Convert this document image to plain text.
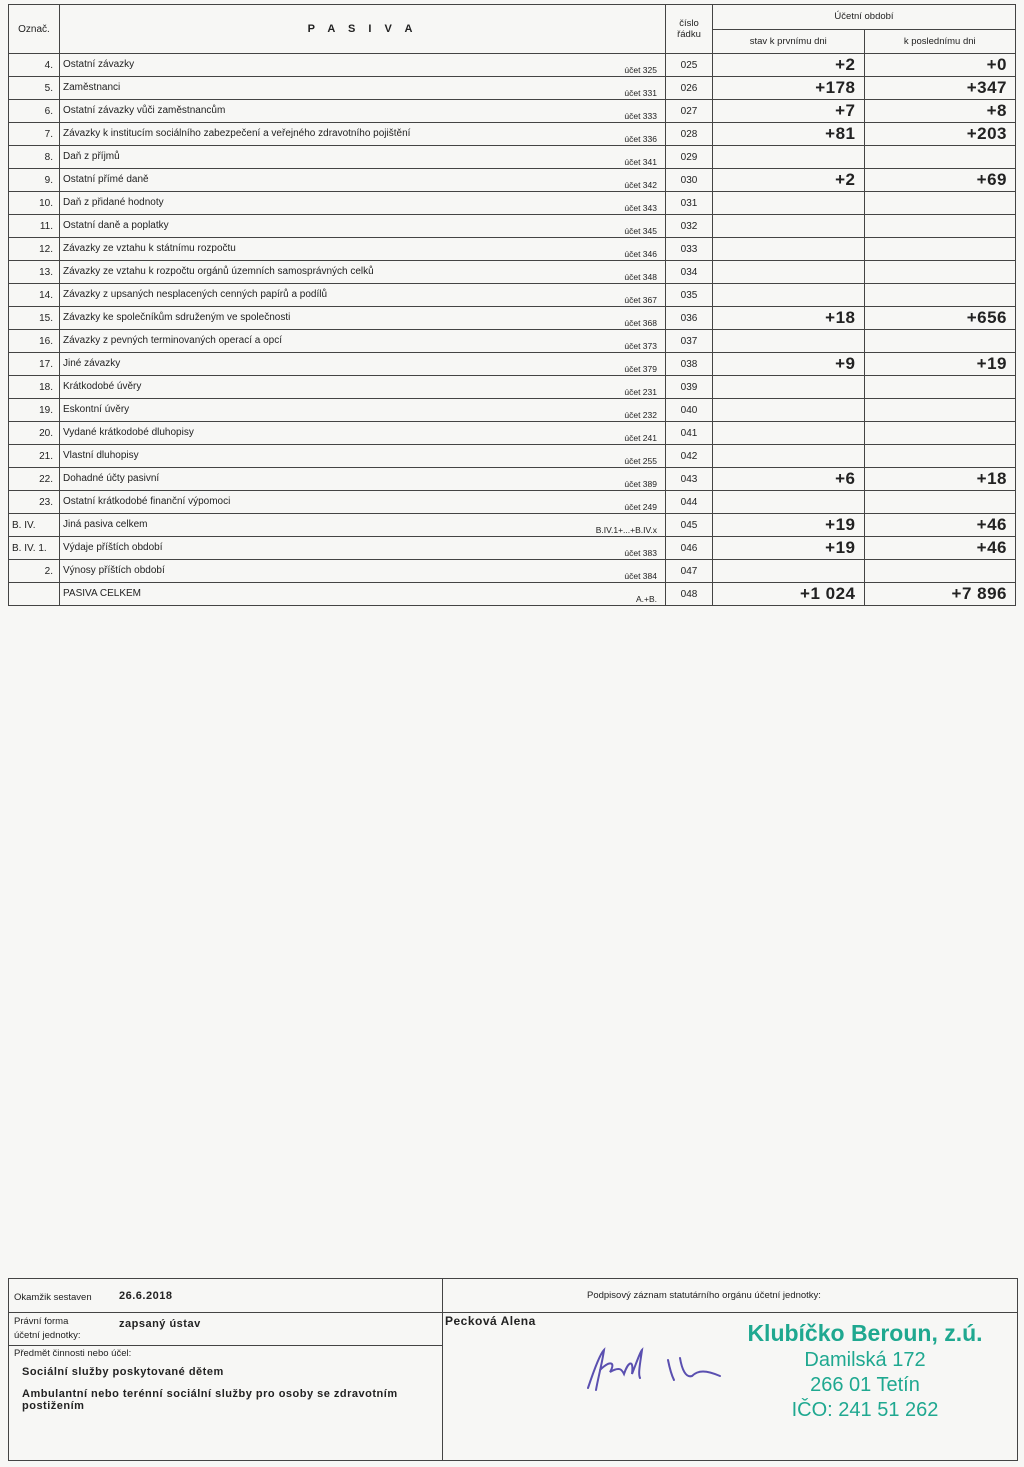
Označ.	P A S I V A	číslo
řádku	Účetní období	
			stav k prvnímu dni	k poslednímu dni
4.	Ostatní závazky účet 325	025	+2	+0
5.	Zaměstnanci účet 331	026	+178	+347
6.	Ostatní závazky vůči zaměstnancům účet 333	027	+7	+8
7.	Závazky k institucím sociálního zabezpečení a veřejného zdravotního pojištění účet 336	028	+81	+203
8.	Daň z příjmů účet 341	029		
9.	Ostatní přímé daně účet 342	030	+2	+69
10.	Daň z přidané hodnoty účet 343	031		
11.	Ostatní daně a poplatky účet 345	032		
12.	Závazky ze vztahu k státnímu rozpočtu účet 346	033		
13.	Závazky ze vztahu k rozpočtu orgánů územních samosprávných celků účet 348	034		
14.	Závazky z upsaných nesplacených cenných papírů a podílů účet 367	035		
15.	Závazky ke společníkům sdruženým ve společnosti účet 368	036	+18	+656
16.	Závazky z pevných terminovaných operací a opcí účet 373	037		
17.	Jiné závazky účet 379	038	+9	+19
18.	Krátkodobé úvěry účet 231	039		
19.	Eskontní úvěry účet 232	040		
20.	Vydané krátkodobé dluhopisy účet 241	041		
21.	Vlastní dluhopisy účet 255	042		
22.	Dohadné účty pasivní účet 389	043	+6	+18
23.	Ostatní krátkodobé finanční výpomoci účet 249	044		
B. IV.	Jiná pasiva celkem B.IV.1+...+B.IV.x	045	+19	+46
B. IV. 1.	Výdaje příštích období účet 383	046	+19	+46
2.	Výnosy příštích období účet 384	047		

	PASIVA CELKEM A.+B.	048	+1 024	+7 896
Okamžik sestaven 26.6.2018	Podpisový záznam statutárního orgánu účetní jednotky:
Právní forma
účetní jednotky:
zapsaný ústav
Předmět činnosti nebo účel:
Sociální služby poskytované dětem
Ambulantní nebo terénní sociální služby pro osoby se zdravotním postižením
Pecková Alena	Klubíčko Beroun, z.ú.
Damilská 172
266 01 Tetín
IČO: 241 51 262
